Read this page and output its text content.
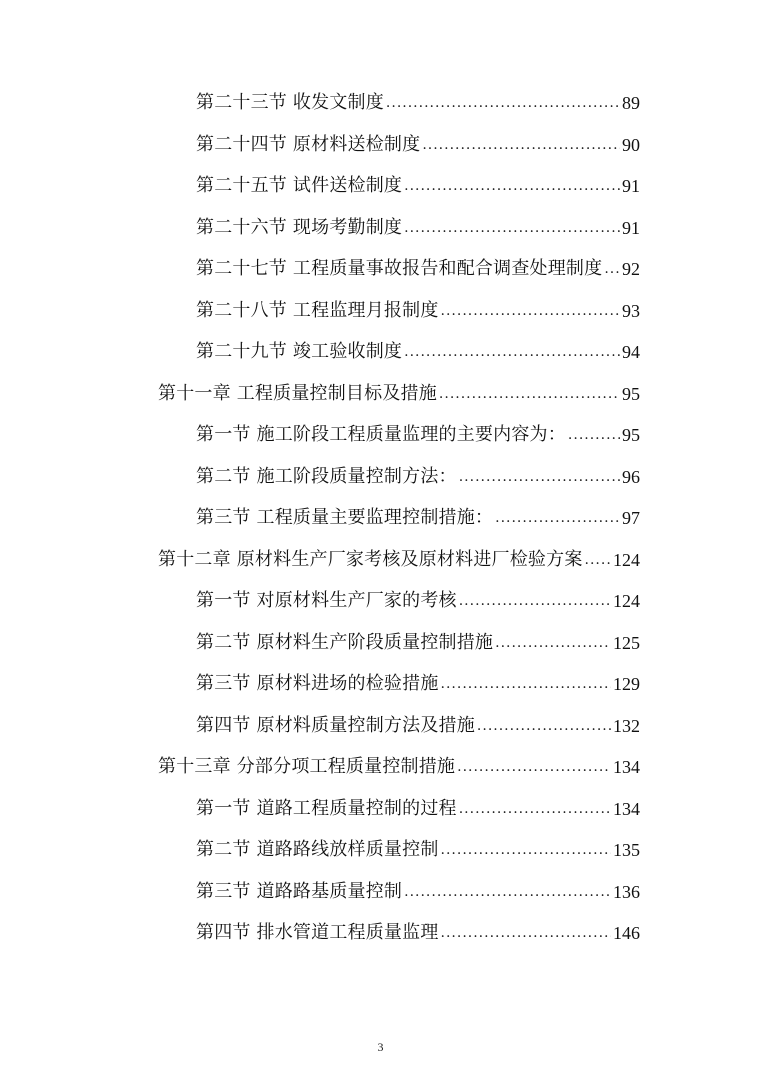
第二十三节 收发文制度 .....	89
第二十四节 原材料送检制度 .....	90
第二十五节 试件送检制度 .....	91
第二十六节 现场考勤制度 .....	91
第二十七节 工程质量事故报告和配合调查处理制度 ..... 92
第二十八节 工程监理月报制度 .....	93
第二十九节 竣工验收制度 .....	94
第十一章 工程质量控制目标及措施 .....	95
第一节 施工阶段工程质量监理的主要内容为： .....	95
第二节 施工阶段质量控制方法： .....	96
第三节 工程质量主要监理控制措施： .....	97
第十二章 原材料生产厂家考核及原材料进厂检验方案 ..... 124
第一节 对原材料生产厂家的考核 .....	124
第二节 原材料生产阶段质量控制措施 .....	125
第三节 原材料进场的检验措施 .....	129
第四节 原材料质量控制方法及措施 .....	132
第十三章 分部分项工程质量控制措施 .....	134
第一节 道路工程质量控制的过程 .....	134
第二节 道路路线放样质量控制 .....	135
第三节 道路路基质量控制 .....	136
第四节 排水管道工程质量监理 .....	146
3
